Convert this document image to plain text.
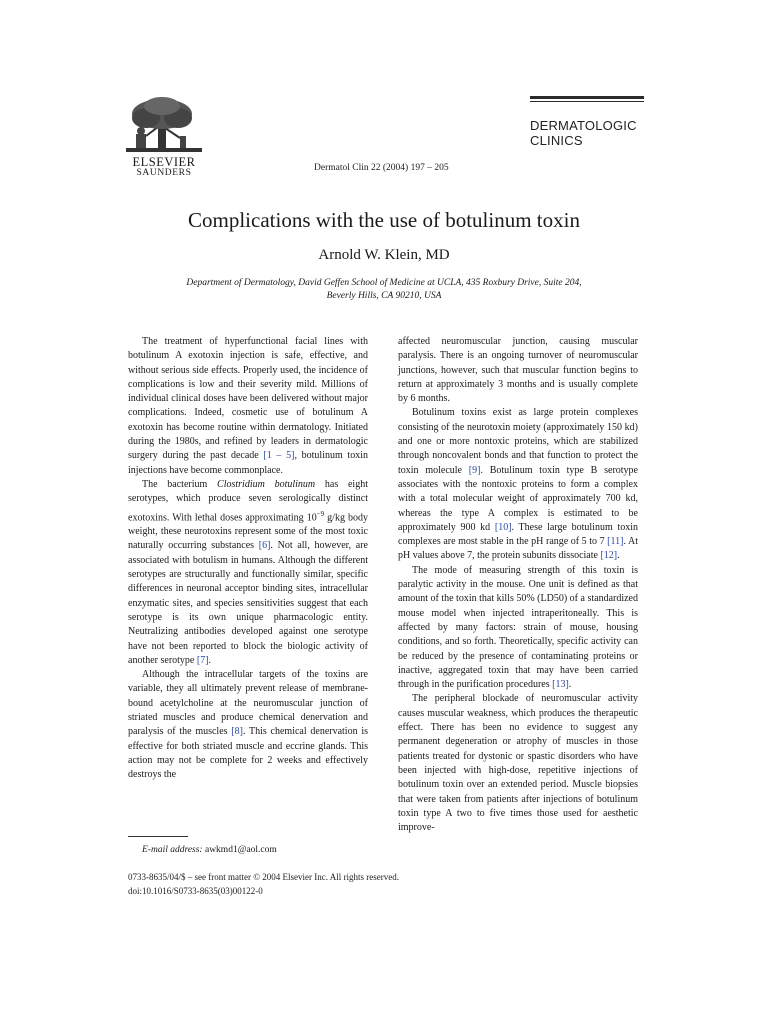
ELSEVIER
SAUNDERS	Dermatol Clin 22 (2004) 197 – 205
DERMATOLOGIC
CLINICS
Complications with the use of botulinum toxin
Arnold W. Klein, MD
Department of Dermatology, David Geffen School of Medicine at UCLA, 435 Roxbury Drive, Suite 204,
Beverly Hills, CA 90210, USA

The treatment of hyperfunctional facial lines with botulinum A exotoxin injection is safe, effective, and without serious side effects. Properly used, the incidence of complications is low and their severity mild. Millions of individual clinical doses have been delivered without major complications. Indeed, cosmetic use of botulinum A exotoxin has become routine within dermatology. Initiated during the 1980s, and refined by leaders in dermatologic surgery during the past decade [1 – 5], botulinum toxin injections have become commonplace.

The bacterium Clostridium botulinum has eight serotypes, which produce seven serologically distinct exotoxins. With lethal doses approximating $10^{-9}$ g/kg body weight, these neurotoxins represent some of the most toxic naturally occurring substances [6]. Not all, however, are associated with botulism in humans. Although the different serotypes are structurally and functionally similar, specific differences in neuronal acceptor binding sites, intracellular enzymatic sites, and species sensitivities suggest that each serotype is its own unique pharmacologic entity. Neutralizing antibodies developed against one serotype have not been reported to block the biologic activity of another serotype [7].

Although the intracellular targets of the toxins are variable, they all ultimately prevent release of membrane-bound acetylcholine at the neuromuscular junction of striated muscles and produce chemical denervation and paralysis of the muscles [8]. This chemical denervation is effective for both striated muscle and eccrine glands. This action may not be complete for 2 weeks and effectively destroys the

affected neuromuscular junction, causing muscular paralysis. There is an ongoing turnover of neuromuscular junctions, however, such that muscular function begins to return at approximately 3 months and is usually complete by 6 months.

Botulinum toxins exist as large protein complexes consisting of the neurotoxin moiety (approximately 150 kd) and one or more nontoxic proteins, which are stabilized through noncovalent bonds and that function to protect the toxin molecule [9]. Botulinum toxin type B serotype associates with the nontoxic proteins to form a complex with a total molecular weight of approximately 700 kd, whereas the type A complex is estimated to be approximately 900 kd [10]. These large botulinum toxin complexes are most stable in the pH range of 5 to 7 [11]. At pH values above 7, the protein subunits dissociate [12].

The mode of measuring strength of this toxin is paralytic activity in the mouse. One unit is defined as that amount of the toxin that kills 50% (LD50) of a standardized mouse model when injected intraperitoneally. This is affected by many factors: strain of mouse, housing conditions, and so forth. Theoretically, specific activity can be reduced by the presence of contaminating proteins or inactive, aggregated toxin that may have been carried through in the purification procedures [13].

The peripheral blockade of neuromuscular activity causes muscular weakness, which produces the therapeutic effect. There has been no evidence to suggest any permanent degeneration or atrophy of muscles in those patients treated for dystonic or spastic disorders who have been injected with high-dose, repetitive injections of botulinum toxin over an extended period. Muscle biopsies that were taken from patients after injections of botulinum toxin type A two to five times those used for aesthetic improve-

E-mail address: awkmd1@aol.com
0733-8635/04/$ – see front matter © 2004 Elsevier Inc. All rights reserved.
doi:10.1016/S0733-8635(03)00122-0
